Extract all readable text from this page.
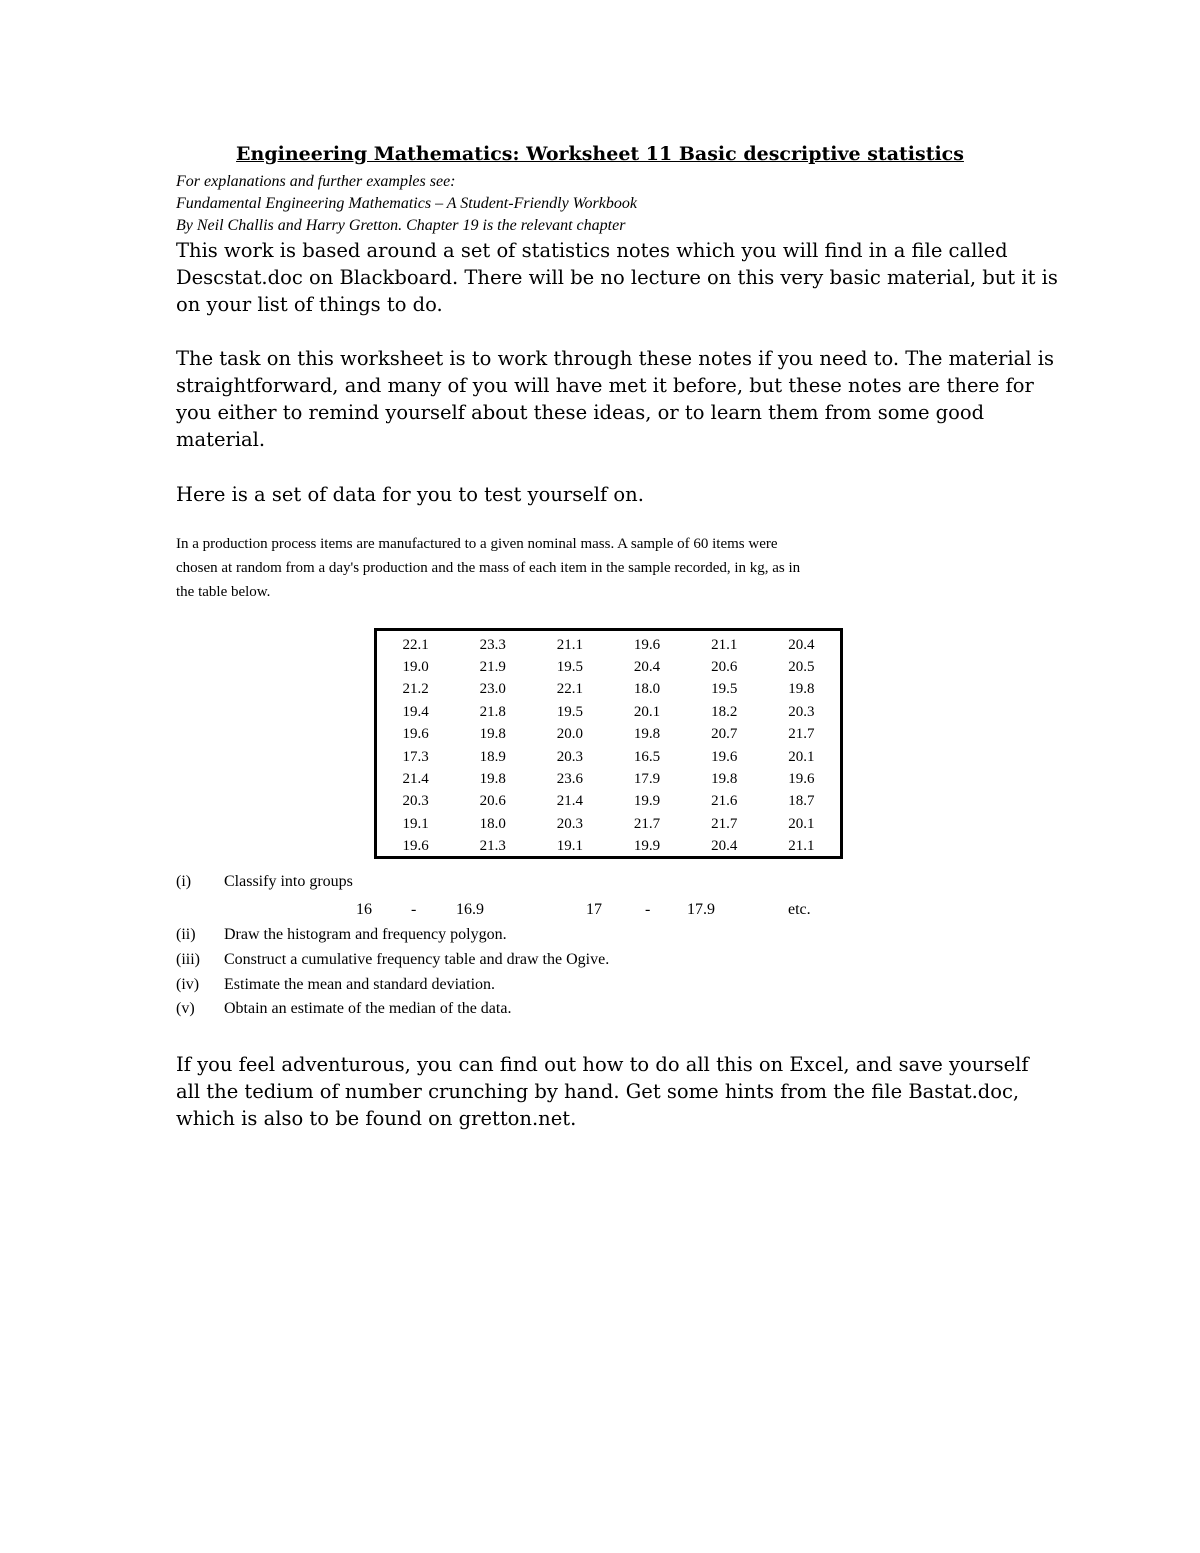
Engineering Mathematics: Worksheet 11 Basic descriptive statistics
For explanations and further examples see:
Fundamental Engineering Mathematics – A Student-Friendly Workbook
By Neil Challis and Harry Gretton. Chapter 19 is the relevant chapter
This work is based around a set of statistics notes which you will find in a file called
Descstat.doc on Blackboard. There will be no lecture on this very basic material, but it is
on your list of things to do.
The task on this worksheet is to work through these notes if you need to. The material is
straightforward, and many of you will have met it before, but these notes are there for
you either to remind yourself about these ideas, or to learn them from some good
material.
Here is a set of data for you to test yourself on.
In a production process items are manufactured to a given nominal mass. A sample of 60 items were
chosen at random from a day's production and the mass of each item in the sample recorded, in kg, as in
the table below.
22.1	23.3	21.1	19.6	21.1	20.4
19.0	21.9	19.5	20.4	20.6	20.5
21.2	23.0	22.1	18.0	19.5	19.8
19.4	21.8	19.5	20.1	18.2	20.3
19.6	19.8	20.0	19.8	20.7	21.7
17.3	18.9	20.3	16.5	19.6	20.1
21.4	19.8	23.6	17.9	19.8	19.6
20.3	20.6	21.4	19.9	21.6	18.7
19.1	18.0	20.3	21.7	21.7	20.1
19.6	21.3	19.1	19.9	20.4	21.1
(i) Classify into groups
16 - 16.9	17	- 17.9	etc.
(ii) Draw the histogram and frequency polygon.
(iii) Construct a cumulative frequency table and draw the Ogive.
(iv) Estimate the mean and standard deviation.
(v) Obtain an estimate of the median of the data.
If you feel adventurous, you can find out how to do all this on Excel, and save yourself
all the tedium of number crunching by hand. Get some hints from the file Bastat.doc,
which is also to be found on gretton.net.
